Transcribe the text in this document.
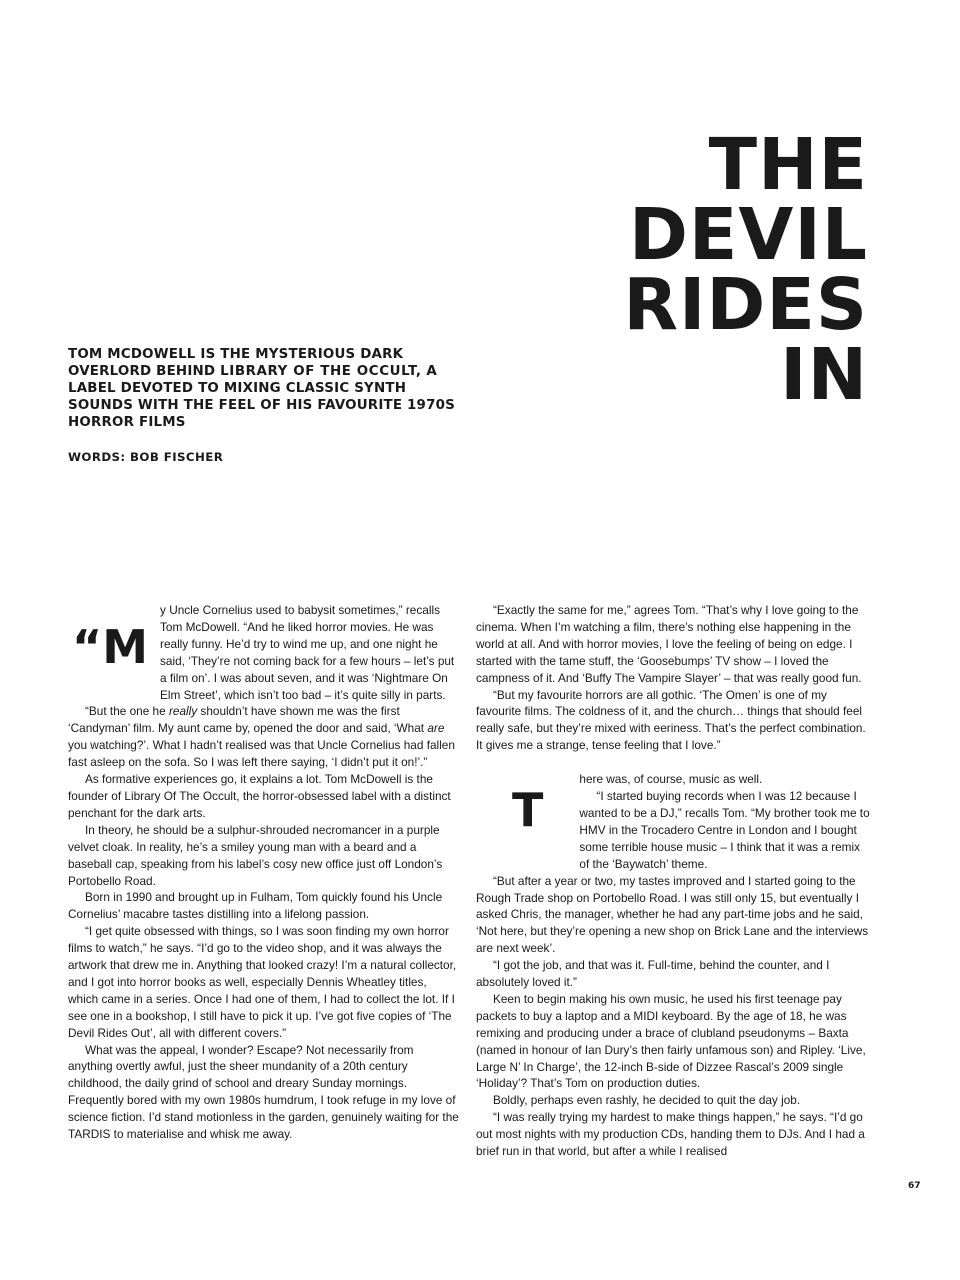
THE
DEVIL
RIDES
IN
TOM MCDOWELL IS THE MYSTERIOUS DARK OVERLORD BEHIND LIBRARY OF THE OCCULT, A LABEL DEVOTED TO MIXING CLASSIC SYNTH SOUNDS WITH THE FEEL OF HIS FAVOURITE 1970S HORROR FILMS
WORDS: BOB FISCHER
“M

y Uncle Cornelius used to babysit sometimes,” recalls Tom McDowell. “And he liked horror movies. He was really funny. He’d try to wind me up, and one night he said, ‘They’re not coming back for a few hours – let’s put a film on’. I was about seven, and it was ‘Nightmare On Elm Street’, which isn’t too bad – it’s quite silly in parts.

“But the one he really shouldn’t have shown me was the first ‘Candyman’ film. My aunt came by, opened the door and said, ‘What are you watching?’. What I hadn’t realised was that Uncle Cornelius had fallen fast asleep on the sofa. So I was left there saying, ‘I didn’t put it on!’.”

As formative experiences go, it explains a lot. Tom McDowell is the founder of Library Of The Occult, the horror-obsessed label with a distinct penchant for the dark arts.

In theory, he should be a sulphur-shrouded necromancer in a purple velvet cloak. In reality, he’s a smiley young man with a beard and a baseball cap, speaking from his label’s cosy new office just off London’s Portobello Road.

Born in 1990 and brought up in Fulham, Tom quickly found his Uncle Cornelius’ macabre tastes distilling into a lifelong passion.

“I get quite obsessed with things, so I was soon finding my own horror films to watch,” he says. “I’d go to the video shop, and it was always the artwork that drew me in. Anything that looked crazy! I’m a natural collector, and I got into horror books as well, especially Dennis Wheatley titles, which came in a series. Once I had one of them, I had to collect the lot. If I see one in a bookshop, I still have to pick it up. I’ve got five copies of ‘The Devil Rides Out’, all with different covers.”

What was the appeal, I wonder? Escape? Not necessarily from anything overtly awful, just the sheer mundanity of a 20th century childhood, the daily grind of school and dreary Sunday mornings. Frequently bored with my own 1980s humdrum, I took refuge in my love of science fiction. I’d stand motionless in the garden, genuinely waiting for the TARDIS to materialise and whisk me away.

“Exactly the same for me,” agrees Tom. “That’s why I love going to the cinema. When I’m watching a film, there’s nothing else happening in the world at all. And with horror movies, I love the feeling of being on edge. I started with the tame stuff, the ‘Goosebumps’ TV show – I loved the campness of it. And ‘Buffy The Vampire Slayer’ – that was really good fun.

“But my favourite horrors are all gothic. ‘The Omen’ is one of my favourite films. The coldness of it, and the church… things that should feel really safe, but they’re mixed with eeriness. That’s the perfect combination. It gives me a strange, tense feeling that I love.”

T

here was, of course, music as well.

“I started buying records when I was 12 because I wanted to be a DJ,” recalls Tom. “My brother took me to HMV in the Trocadero Centre in London and I bought some terrible house music – I think that it was a remix of the ‘Baywatch’ theme.

“But after a year or two, my tastes improved and I started going to the Rough Trade shop on Portobello Road. I was still only 15, but eventually I asked Chris, the manager, whether he had any part-time jobs and he said, ‘Not here, but they’re opening a new shop on Brick Lane and the interviews are next week’.

“I got the job, and that was it. Full-time, behind the counter, and I absolutely loved it.”

Keen to begin making his own music, he used his first teenage pay packets to buy a laptop and a MIDI keyboard. By the age of 18, he was remixing and producing under a brace of clubland pseudonyms – Baxta (named in honour of Ian Dury’s then fairly unfamous son) and Ripley. ‘Live, Large N’ In Charge’, the 12-inch B-side of Dizzee Rascal’s 2009 single ‘Holiday’? That’s Tom on production duties.

Boldly, perhaps even rashly, he decided to quit the day job.

“I was really trying my hardest to make things happen,” he says. “I’d go out most nights with my production CDs, handing them to DJs. And I had a brief run in that world, but after a while I realised

67
